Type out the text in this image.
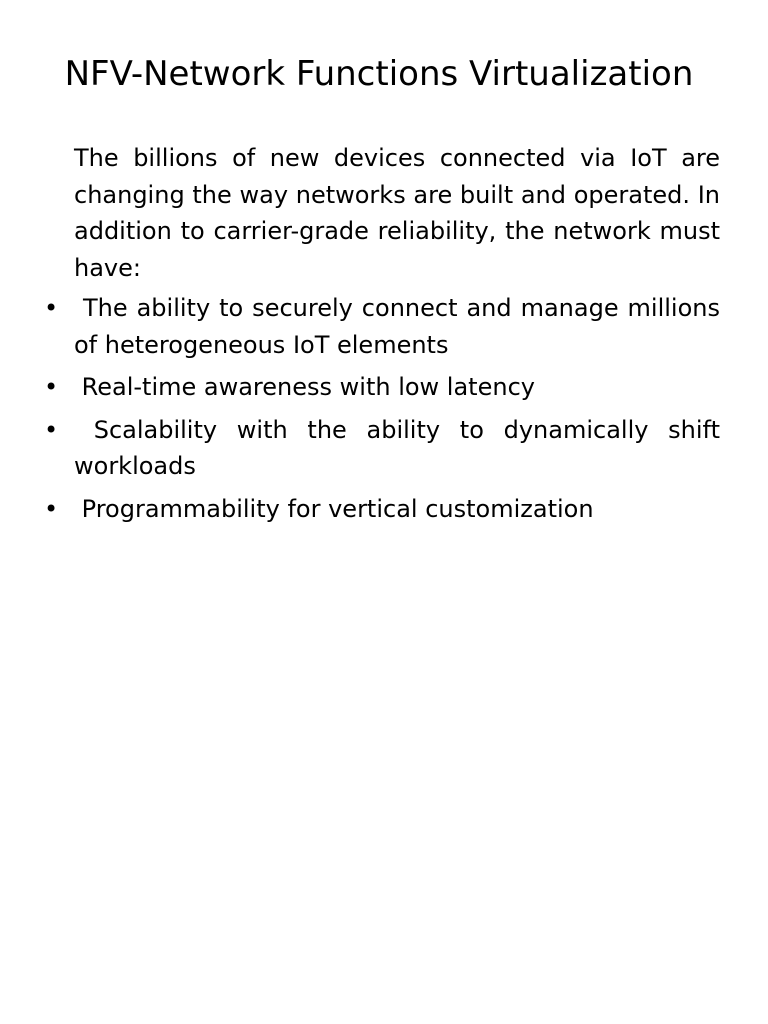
NFV-Network Functions Virtualization

The billions of new devices connected via IoT are changing the way networks are built and operated. In addition to carrier-grade reliability, the network must have:

• The ability to securely connect and manage millions of heterogeneous IoT elements
• Real-time awareness with low latency
• Scalability with the ability to dynamically shift workloads
• Programmability for vertical customization
